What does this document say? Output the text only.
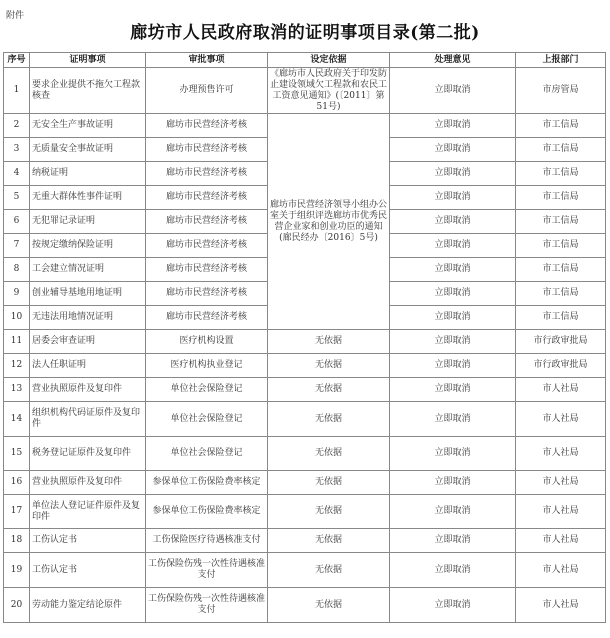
附件
廊坊市人民政府取消的证明事项目录(第二批)
序号	证明事项	审批事项	设定依据	处理意见	上报部门
1	要求企业提供不拖欠工程款核查	办理预售许可	《廊坊市人民政府关于印发防止建设领域欠工程款和农民工工资意见通知》(〔2011〕第51号)	立即取消	市房管局
2	无安全生产事故证明	廊坊市民营经济考核	廊坊市民营经济领导小组办公室关于组织评选廊坊市优秀民营企业家和创业功臣的通知(廊民经办〔2016〕5号)	立即取消	市工信局
3	无质量安全事故证明	廊坊市民营经济考核		立即取消	市工信局
4	纳税证明	廊坊市民营经济考核		立即取消	市工信局
5	无重大群体性事件证明	廊坊市民营经济考核		立即取消	市工信局
6	无犯罪记录证明	廊坊市民营经济考核		立即取消	市工信局
7	按规定缴纳保险证明	廊坊市民营经济考核		立即取消	市工信局
8	工会建立情况证明	廊坊市民营经济考核		立即取消	市工信局
9	创业辅导基地用地证明	廊坊市民营经济考核		立即取消	市工信局
10	无违法用地情况证明	廊坊市民营经济考核		立即取消	市工信局
11	居委会审查证明	医疗机构设置	无依据	立即取消	市行政审批局
12	法人任职证明	医疗机构执业登记	无依据	立即取消	市行政审批局
13	营业执照原件及复印件	单位社会保险登记	无依据	立即取消	市人社局
14	组织机构代码证原件及复印件	单位社会保险登记	无依据	立即取消	市人社局
15	税务登记证原件及复印件	单位社会保险登记	无依据	立即取消	市人社局
16	营业执照原件及复印件	参保单位工伤保险费率核定	无依据	立即取消	市人社局
17	单位法人登记证件原件及复印件	参保单位工伤保险费率核定	无依据	立即取消	市人社局
18	工伤认定书	工伤保险医疗待遇核准支付	无依据	立即取消	市人社局
19	工伤认定书	工伤保险伤残一次性待遇核准支付	无依据	立即取消	市人社局
20	劳动能力鉴定结论原件	工伤保险伤残一次性待遇核准支付	无依据	立即取消	市人社局
